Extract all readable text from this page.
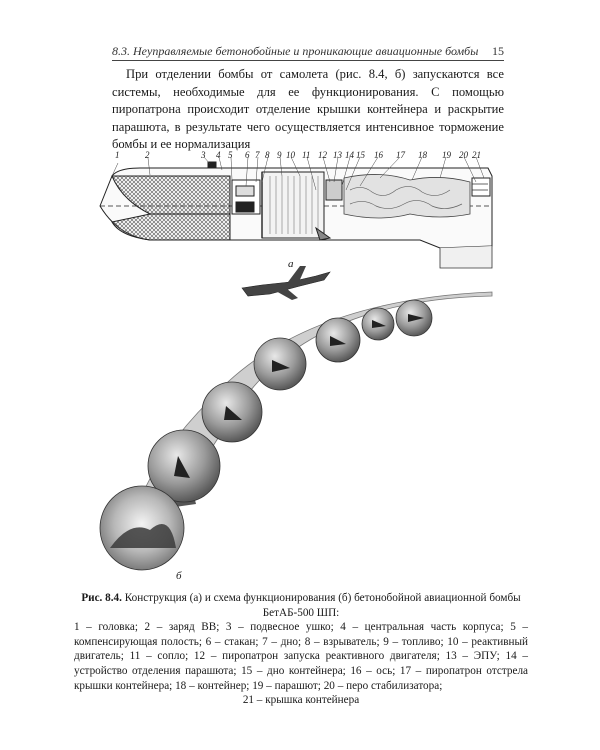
8.3. Неуправляемые бетонобойные и проникающие авиационные бомбы 15

При отделении бомбы от самолета (рис. 8.4, б) запускаются все системы, необходимые для ее функционирования. С помощью пиропатрона происходит отделение крышки контейнера и раскрытие парашюта, в результате чего осуществляется интенсивное торможение бомбы и ее нормализация

1	2	3 4 5 6 7 8 9 10 11 12 13 14 15 16 17 18 19 20 21
а
б
Рис. 8.4. Конструкция (а) и схема функционирования (б) бетонобойной авиационной бомбы БетАБ-500 ШП:
1 – головка; 2 – заряд ВВ; 3 – подвесное ушко; 4 – центральная часть корпуса; 5 – компенсирующая полость; 6 – стакан; 7 – дно; 8 – взрыватель; 9 – топливо; 10 – реактивный двигатель; 11 – сопло; 12 – пиропатрон запуска реактивного двигателя; 13 – ЭПУ; 14 – устройство отделения парашюта; 15 – дно контейнера; 16 – ось; 17 – пиропатрон отстрела крышки контейнера; 18 – контейнер; 19 – парашют; 20 – перо стабилизатора;
21 – крышка контейнера
